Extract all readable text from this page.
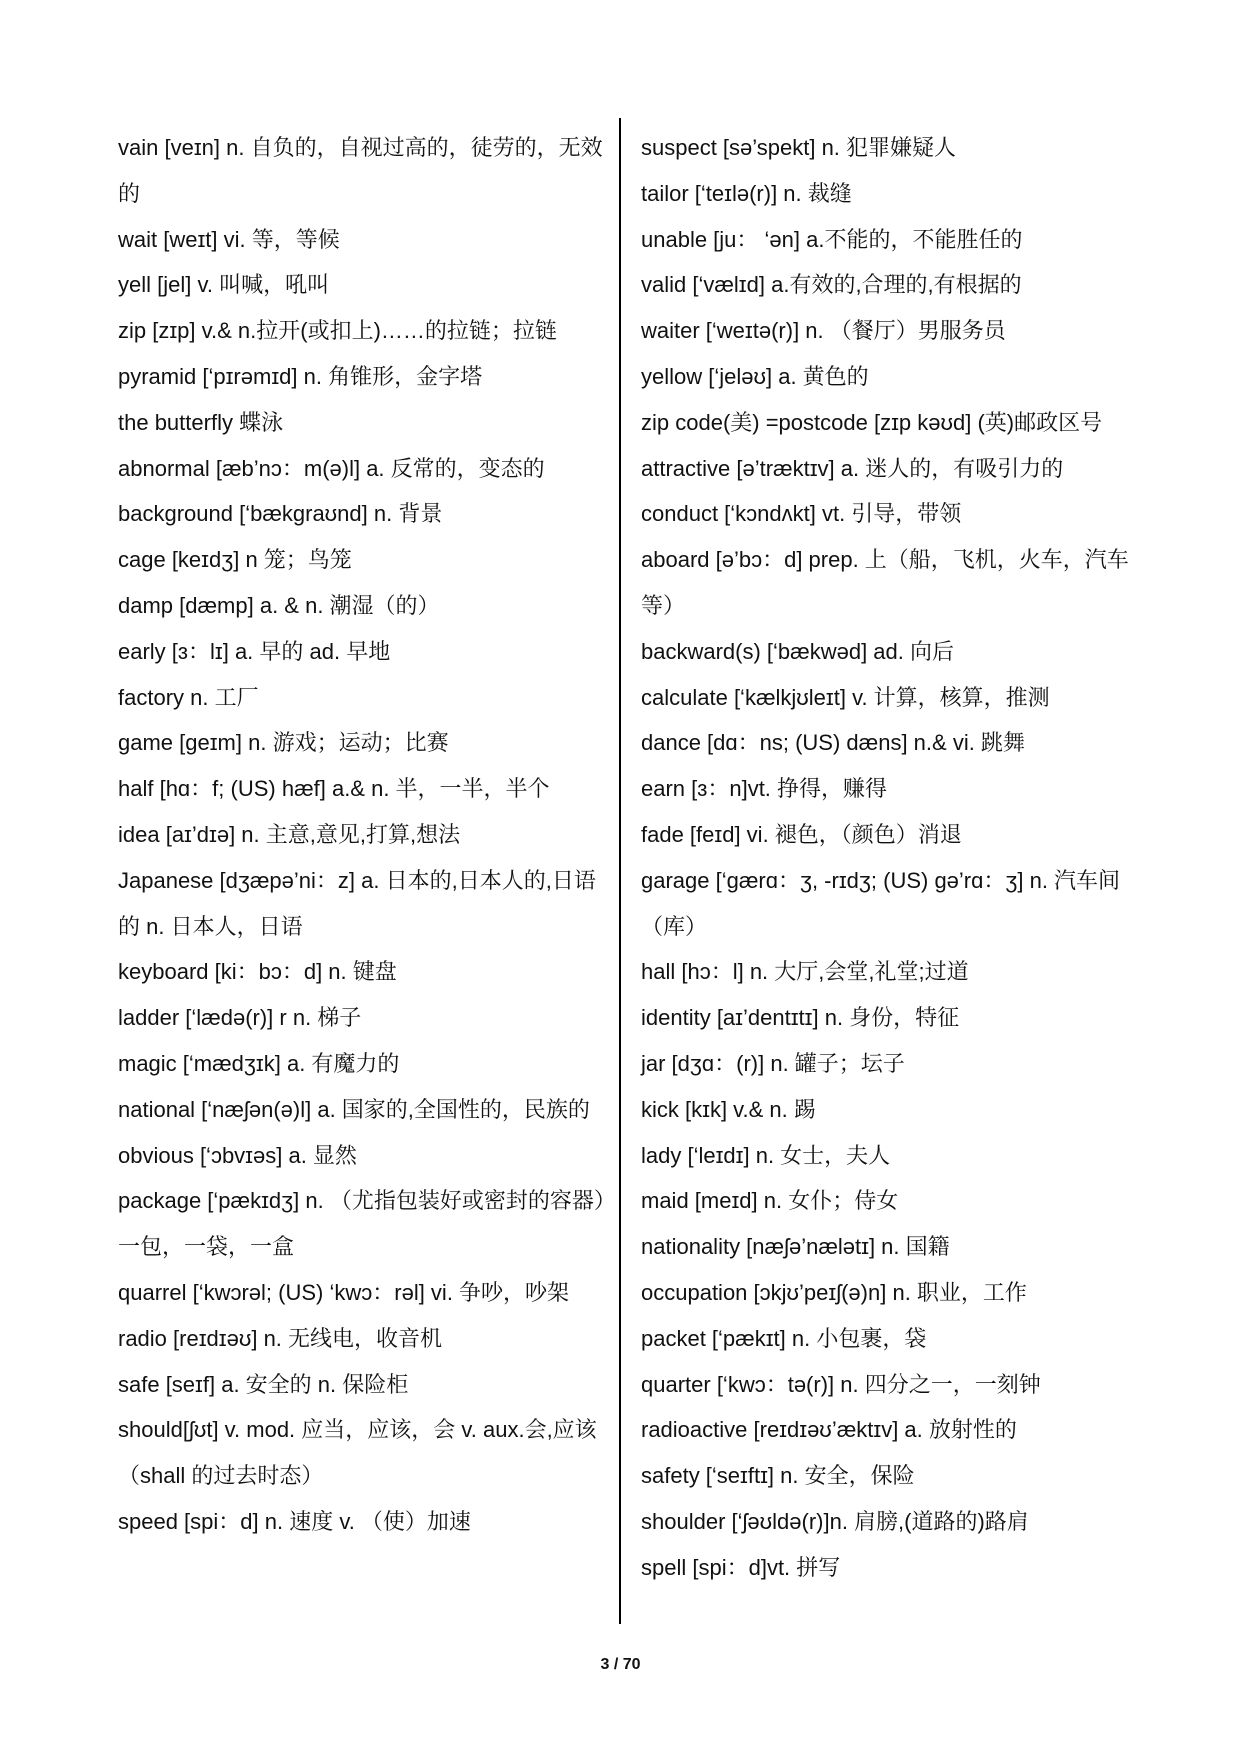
vain [veɪn] n. 自负的，自视过高的，徒劳的，无效的

wait [weɪt] vi. 等，等候

yell [jel] v. 叫喊，吼叫

zip [zɪp] v.& n.拉开(或扣上)……的拉链；拉链

pyramid [‘pɪrəmɪd] n. 角锥形，金字塔

the butterfly 蝶泳

abnormal [æb’nɔ：m(ə)l] a. 反常的，变态的

background [‘bækɡraʊnd] n. 背景

cage [keɪdʒ] n 笼；鸟笼

damp [dæmp] a. & n. 潮湿（的）

early [ɜ：lɪ] a. 早的 ad. 早地

factory n. 工厂

game [ɡeɪm] n. 游戏；运动；比赛

half [hɑ：f; (US) hæf] a.& n. 半，一半，半个

idea [aɪ’dɪə] n. 主意,意见,打算,想法

Japanese [dʒæpə’ni：z] a. 日本的,日本人的,日语的 n. 日本人，日语

keyboard [ki：bɔ：d] n. 键盘

ladder [‘lædə(r)] r n. 梯子

magic [‘mædʒɪk] a. 有魔力的

national [‘næʃən(ə)l] a. 国家的,全国性的，民族的

obvious [‘ɔbvɪəs] a. 显然

package [‘pækɪdʒ] n. （尤指包装好或密封的容器）一包，一袋，一盒

quarrel [‘kwɔrəl; (US) ‘kwɔ：rəl] vi. 争吵，吵架

radio [reɪdɪəʊ] n. 无线电，收音机

safe [seɪf] a. 安全的 n. 保险柜

should[ʃʊt] v. mod. 应当，应该，会 v. aux.会,应该（shall 的过去时态）

speed [spi：d] n. 速度 v. （使）加速

suspect [sə’spekt] n. 犯罪嫌疑人

tailor [‘teɪlə(r)] n. 裁缝

unable [ju： ‘ən] a.不能的，不能胜任的

valid [‘vælɪd] a.有效的,合理的,有根据的

waiter [‘weɪtə(r)] n. （餐厅）男服务员

yellow [‘jeləʊ] a. 黄色的

zip code(美) =postcode [zɪp kəʊd] (英)邮政区号

attractive [ə’træktɪv] a. 迷人的，有吸引力的

conduct [‘kɔndʌkt] vt. 引导，带领

aboard [ə’bɔ：d] prep. 上（船，飞机，火车，汽车等）

backward(s) [‘bækwəd] ad. 向后

calculate [‘kælkjʊleɪt] v. 计算，核算，推测

dance [dɑ：ns; (US) dæns] n.& vi. 跳舞

earn [ɜ：n]vt. 挣得，赚得

fade [feɪd] vi. 褪色，（颜色）消退

garage [‘ɡærɑ：ʒ, -rɪdʒ; (US) ɡə’rɑ：ʒ] n. 汽车间（库）

hall [hɔ：l] n. 大厅,会堂,礼堂;过道

identity [aɪ’dentɪtɪ] n. 身份，特征

jar [dʒɑ：(r)] n. 罐子；坛子

kick [kɪk] v.& n. 踢

lady [‘leɪdɪ] n. 女士，夫人

maid [meɪd] n. 女仆；侍女

nationality [næʃə’nælətɪ] n. 国籍

occupation [ɔkjʊ’peɪʃ(ə)n] n. 职业，工作

packet [‘pækɪt] n. 小包裹，袋

quarter [‘kwɔ：tə(r)] n. 四分之一，一刻钟

radioactive [reɪdɪəʊ’æktɪv] a. 放射性的

safety [‘seɪftɪ] n. 安全，保险

shoulder [‘ʃəʊldə(r)]n. 肩膀,(道路的)路肩

spell [spi：d]vt. 拼写

3 / 70
